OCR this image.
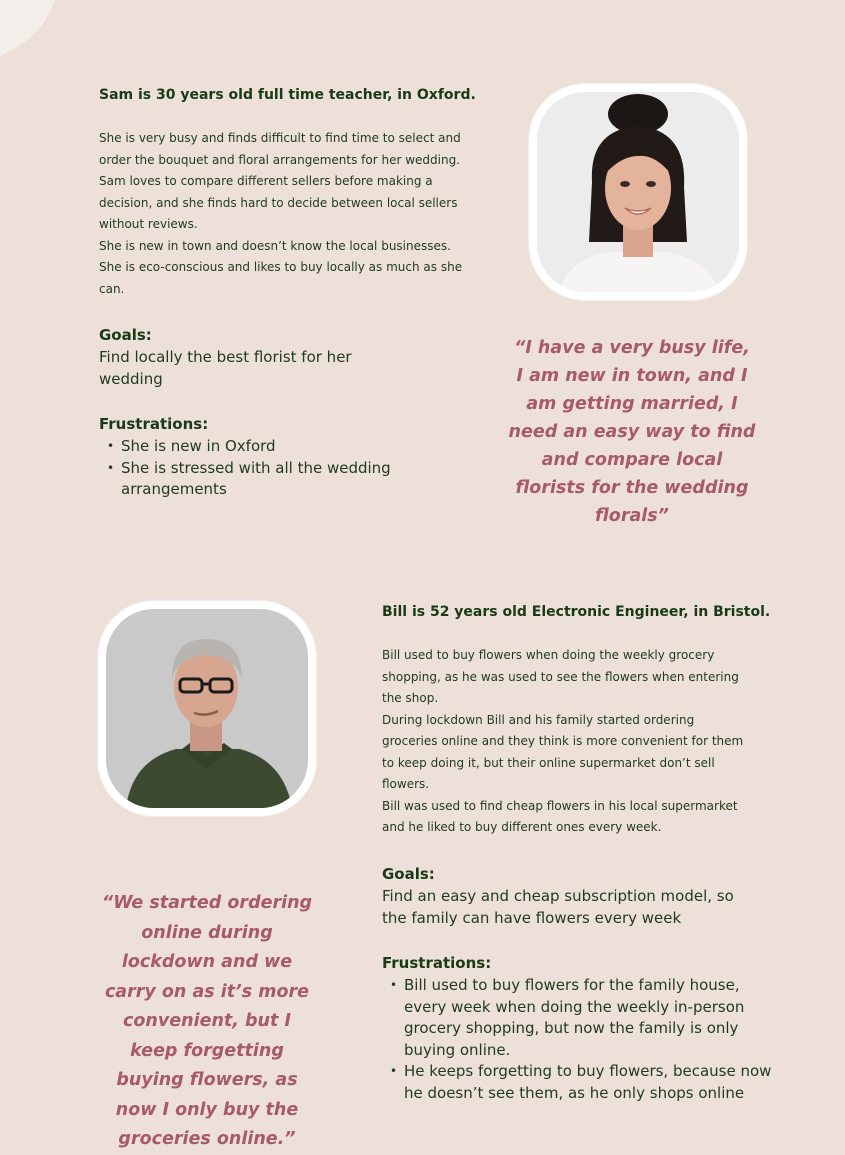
Sam is 30 years old full time teacher, in Oxford.
She is very busy and finds difficult to find time to select and
order the bouquet and floral arrangements for her wedding.
Sam loves to compare different sellers before making a
decision, and she finds hard to decide between local sellers
without reviews.
She is new in town and doesn’t know the local businesses.
She is eco-conscious and likes to buy locally as much as she
can.
Goals:
Find locally the best florist for her wedding
Frustrations:
• She is new in Oxford
• She is stressed with all the wedding arrangements
“I have a very busy life, I am new in town, and I am getting married, I need an easy way to find and compare local florists for the wedding florals”
Bill is 52 years old Electronic Engineer, in Bristol.
Bill used to buy flowers when doing the weekly grocery
shopping, as he was used to see the flowers when entering
the shop.
During lockdown Bill and his family started ordering
groceries online and they think is more convenient for them
to keep doing it, but their online supermarket don’t sell
flowers.
Bill was used to find cheap flowers in his local supermarket
and he liked to buy different ones every week.
Goals:
Find an easy and cheap subscription model, so the family can have flowers every week
Frustrations:
• Bill used to buy flowers for the family house, every week when doing the weekly in-person grocery shopping, but now the family is only buying online.
• He keeps forgetting to buy flowers, because now he doesn’t see them, as he only shops online
“We started ordering online during lockdown and we carry on as it’s more convenient, but I keep forgetting buying flowers, as now I only buy the groceries online.”
